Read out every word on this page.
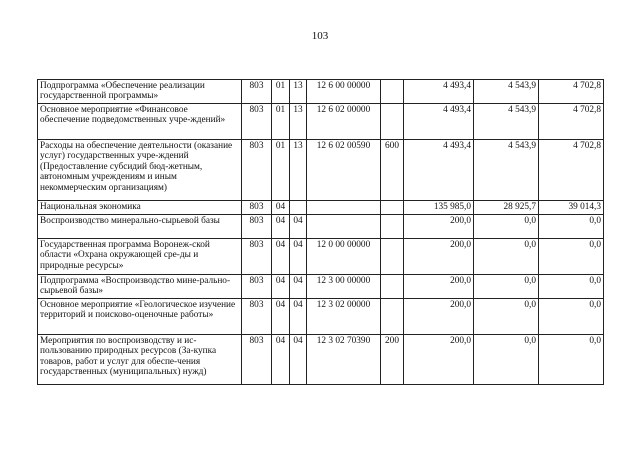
103
Подпрограмма «Обеспечение реализации государственной программы»	803	01	13	12 6 00 00000		4 493,4	4 543,9	4 702,8
Основное мероприятие «Финансовое обеспечение подведомственных учре-ждений»	803	01	13	12 6 02 00000		4 493,4	4 543,9	4 702,8
Расходы на обеспечение деятельности (оказание услуг) государственных учре-ждений (Предоставление субсидий бюд-жетным, автономным учреждениям и иным некоммерческим организациям)	803	01	13	12 6 02 00590	600	4 493,4	4 543,9	4 702,8
Национальная экономика	803	04				135 985,0	28 925,7	39 014,3
Воспроизводство минерально-сырьевой базы	803	04	04			200,0	0,0	0,0
Государственная программа Воронеж-ской области «Охрана окружающей сре-ды и природные ресурсы»	803	04	04	12 0 00 00000		200,0	0,0	0,0
Подпрограмма «Воспроизводство мине-рально-сырьевой базы»	803	04	04	12 3 00 00000		200,0	0,0	0,0
Основное мероприятие «Геологическое изучение территорий и поисково-оценочные работы»	803	04	04	12 3 02 00000		200,0	0,0	0,0
Мероприятия по воспроизводству и ис-пользованию природных ресурсов (За-купка товаров, работ и услуг для обеспе-чения государственных (муниципальных) нужд)	803	04	04	12 3 02 70390	200	200,0	0,0	0,0
